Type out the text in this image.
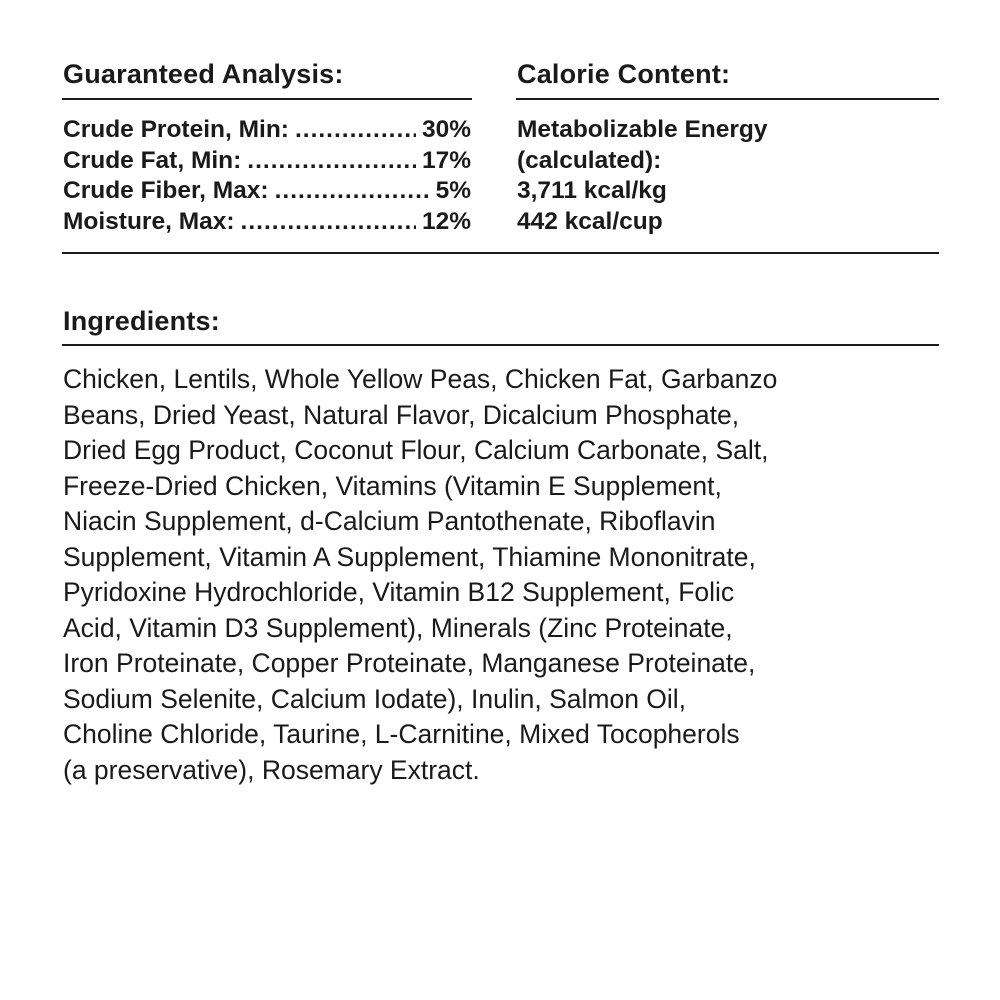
Guaranteed Analysis:
Crude Protein, Min: .....	30%
Crude Fat, Min: .....	17%
Crude Fiber, Max: .....	5%
Moisture, Max: .....	12%
Calorie Content:
Metabolizable Energy
(calculated):
3,711 kcal/kg
442 kcal/cup
Ingredients:
Chicken, Lentils, Whole Yellow Peas, Chicken Fat, Garbanzo
Beans, Dried Yeast, Natural Flavor, Dicalcium Phosphate,
Dried Egg Product, Coconut Flour, Calcium Carbonate, Salt,
Freeze-Dried Chicken, Vitamins (Vitamin E Supplement,
Niacin Supplement, d-Calcium Pantothenate, Riboflavin
Supplement, Vitamin A Supplement, Thiamine Mononitrate,
Pyridoxine Hydrochloride, Vitamin B12 Supplement, Folic
Acid, Vitamin D3 Supplement), Minerals (Zinc Proteinate,
Iron Proteinate, Copper Proteinate, Manganese Proteinate,
Sodium Selenite, Calcium Iodate), Inulin, Salmon Oil,
Choline Chloride, Taurine, L-Carnitine, Mixed Tocopherols
(a preservative), Rosemary Extract.
